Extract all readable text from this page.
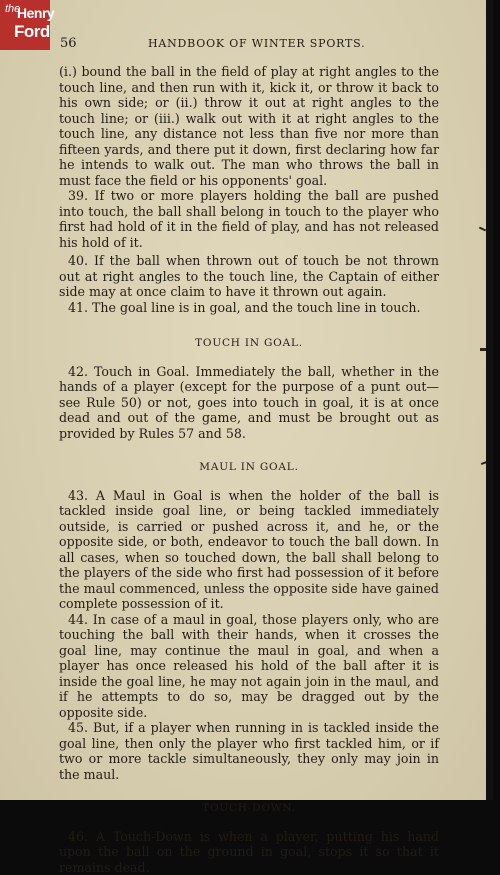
the
Henry
Ford
56	HANDBOOK OF WINTER SPORTS.

(i.) bound the ball in the field of play at right angles to the touch line, and then run with it, kick it, or throw it back to his own side; or (ii.) throw it out at right angles to the touch line; or (iii.) walk out with it at right angles to the touch line, any distance not less than five nor more than fifteen yards, and there put it down, first declaring how far he intends to walk out. The man who throws the ball in must face the field or his opponents' goal.

39. If two or more players holding the ball are pushed into touch, the ball shall belong in touch to the player who first had hold of it in the field of play, and has not released his hold of it.

40. If the ball when thrown out of touch be not thrown out at right angles to the touch line, the Captain of either side may at once claim to have it thrown out again.

41. The goal line is in goal, and the touch line in touch.

TOUCH IN GOAL.

42. Touch in Goal. Immediately the ball, whether in the hands of a player (except for the purpose of a punt out—see Rule 50) or not, goes into touch in goal, it is at once dead and out of the game, and must be brought out as provided by Rules 57 and 58.

MAUL IN GOAL.

43. A Maul in Goal is when the holder of the ball is tackled inside goal line, or being tackled immediately outside, is carried or pushed across it, and he, or the opposite side, or both, endeavor to touch the ball down. In all cases, when so touched down, the ball shall belong to the players of the side who first had possession of it before the maul commenced, unless the opposite side have gained complete possession of it.

44. In case of a maul in goal, those players only, who are touching the ball with their hands, when it crosses the goal line, may continue the maul in goal, and when a player has once released his hold of the ball after it is inside the goal line, he may not again join in the maul, and if he attempts to do so, may be dragged out by the opposite side.

45. But, if a player when running in is tackled inside the goal line, then only the player who first tackled him, or if two or more tackle simultaneously, they only may join in the maul.

TOUCH-DOWN.

46. A Touch-Down is when a player, putting his hand upon the ball on the ground in goal, stops it so that it remains dead.
